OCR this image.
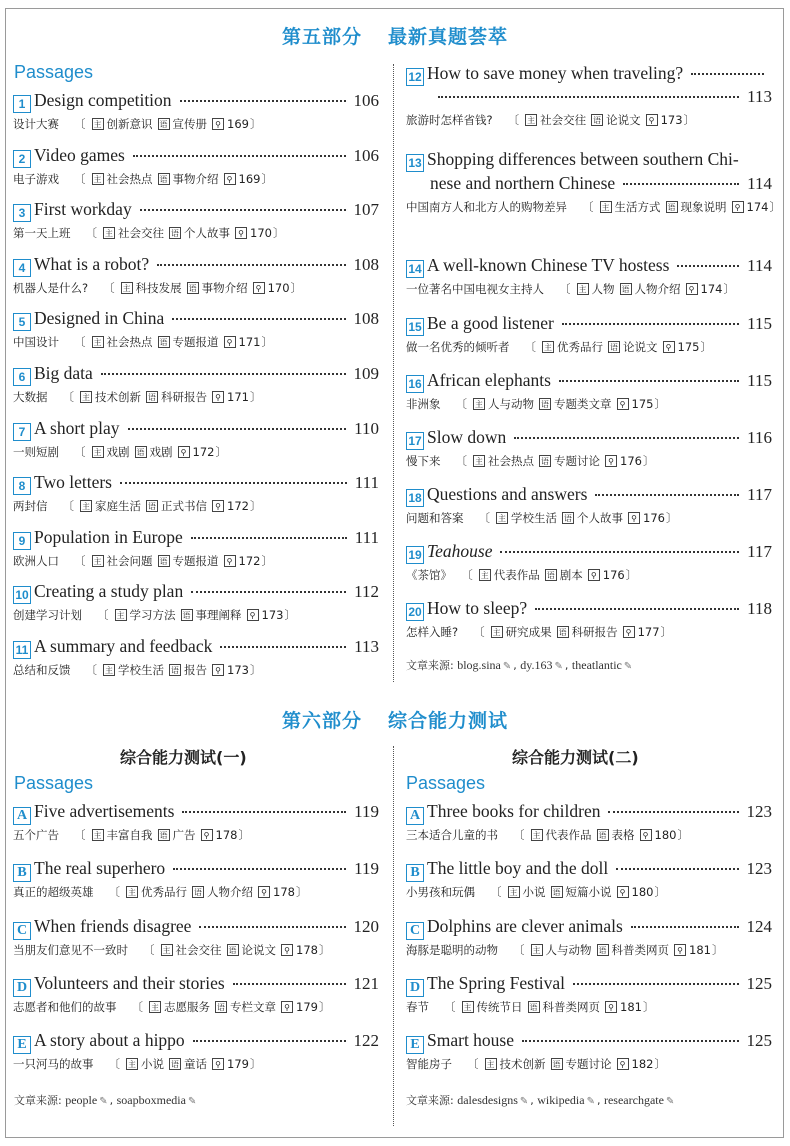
第五部分 最新真题荟萃
Passages
1 Design competition	106
设计大赛 〔 主 创新意识 语 宣传册 ⚲ 169〕
2 Video games	106
电子游戏 〔 主 社会热点 语 事物介绍 ⚲ 169〕
3 First workday	107
第一天上班 〔 主 社会交往 语 个人故事 ⚲ 170〕
4 What is a robot?	108
机器人是什么? 〔 主 科技发展 语 事物介绍 ⚲ 170〕
5 Designed in China	108
中国设计 〔 主 社会热点 语 专题报道 ⚲ 171〕
6 Big data	109
大数据 〔 主 技术创新 语 科研报告 ⚲ 171〕
7 A short play	110
一则短剧 〔 主 戏剧 语 戏剧 ⚲ 172〕
8 Two letters	111
两封信 〔 主 家庭生活 语 正式书信 ⚲ 172〕
9 Population in Europe	111
欧洲人口 〔 主 社会问题 语 专题报道 ⚲ 172〕
10 Creating a study plan	112
创建学习计划 〔 主 学习方法 语 事理阐释 ⚲ 173〕
11 A summary and feedback	113
总结和反馈 〔 主 学校生活 语 报告 ⚲ 173〕
12 How to save money when traveling?
113
旅游时怎样省钱? 〔 主 社会交往 语 论说文 ⚲ 173〕
13 Shopping differences between southern Chi-
nese and northern Chinese	114
中国南方人和北方人的购物差异 〔 主 生活方式 语 现象说明 ⚲ 174〕
14 A well-known Chinese TV hostess	114
一位著名中国电视女主持人 〔 主 人物 语 人物介绍 ⚲ 174〕
15 Be a good listener	115
做一名优秀的倾听者 〔 主 优秀品行 语 论说文 ⚲ 175〕
16 African elephants	115
非洲象 〔 主 人与动物 语 专题类文章 ⚲ 175〕
17 Slow down	116
慢下来 〔 主 社会热点 语 专题讨论 ⚲ 176〕
18 Questions and answers	117
问题和答案 〔 主 学校生活 语 个人故事 ⚲ 176〕
19 Teahouse	117
《茶馆》 〔 主 代表作品 语 剧本 ⚲ 176〕
20 How to sleep?	118
怎样入睡? 〔 主 研究成果 语 科研报告 ⚲ 177〕
文章来源: blog.sina ✎ , dy.163 ✎ , theatlantic ✎
第六部分 综合能力测试
综合能力测试(一)	综合能力测试(二)
Passages	Passages
A Five advertisements	119
五个广告 〔 主 丰富自我 语 广告 ⚲ 178〕
B The real superhero	119
真正的超级英雄 〔 主 优秀品行 语 人物介绍 ⚲ 178〕
C When friends disagree	120
当朋友们意见不一致时 〔 主 社会交往 语 论说文 ⚲ 178〕
D Volunteers and their stories	121
志愿者和他们的故事 〔 主 志愿服务 语 专栏文章 ⚲ 179〕
E A story about a hippo	122
一只河马的故事 〔 主 小说 语 童话 ⚲ 179〕
A Three books for children	123
三本适合儿童的书 〔 主 代表作品 语 表格 ⚲ 180〕
B The little boy and the doll	123
小男孩和玩偶 〔 主 小说 语 短篇小说 ⚲ 180〕
C Dolphins are clever animals	124
海豚是聪明的动物 〔 主 人与动物 语 科普类网页 ⚲ 181〕
D The Spring Festival	125
春节 〔 主 传统节日 语 科普类网页 ⚲ 181〕
E Smart house	125
智能房子 〔 主 技术创新 语 专题讨论 ⚲ 182〕
文章来源: people ✎ , soapboxmedia ✎	文章来源: dalesdesigns ✎ , wikipedia ✎ , researchgate ✎
